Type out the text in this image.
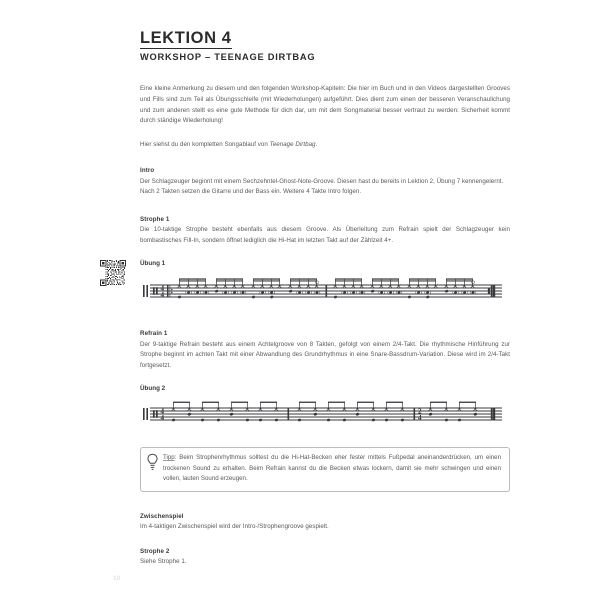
LEKTION 4
WORKSHOP – TEENAGE DIRTBAG

Eine kleine Anmerkung zu diesem und den folgenden Workshop-Kapiteln: Die hier im Buch und in den Videos dargestellten Grooves und Fills sind zum Teil als Übungsschleife (mit Wiederholungen) aufgeführt. Dies dient zum einen der besseren Veranschaulichung und zum anderen stellt es eine gute Methode für dich dar, um mit dem Songmaterial besser vertraut zu werden: Sicherheit kommt durch ständige Wiederholung!

Hier siehst du den kompletten Songablauf von Teenage Dirtbag.

Intro

Der Schlagzeuger beginnt mit einem Sechzehntel-Ghost-Note-Groove. Diesen hast du bereits in Lektion 2, Übung 7 kennengelernt.

Nach 2 Takten setzen die Gitarre und der Bass ein. Weitere 4 Takte Intro folgen.

Strophe 1

Die 10-taktige Strophe besteht ebenfalls aus diesem Groove. Als Überleitung zum Refrain spielt der Schlagzeuger kein bombastisches Fill-In, sondern öffnet lediglich die Hi-Hat im letzten Takt auf der Zählzeit 4+.

Übung 1
4
4
Refrain 1

Der 9-taktige Refrain besteht aus einem Achtelgroove von 8 Takten, gefolgt von einem 2/4-Takt. Die rhythmische Hinführung zur Strophe beginnt im achten Takt mit einer Abwandlung des Grundrhythmus in eine Snare-Bassdrum-Variation. Diese wird im 2/4-Takt fortgesetzt.

Übung 2
4
4
2
4

Tipp: Beim Strophenrhythmus solltest du die Hi-Hat-Becken eher fester mittels Fußpedal aneinanderdrücken, um einen trockenen Sound zu erhalten. Beim Refrain kannst du die Becken etwas lockern, damit sie mehr schwingen und einen vollen, lauten Sound erzeugen.

Zwischenspiel

Im 4-taktigen Zwischenspiel wird der Intro-/Strophengroove gespielt.

Strophe 2

Siehe Strophe 1.

10
